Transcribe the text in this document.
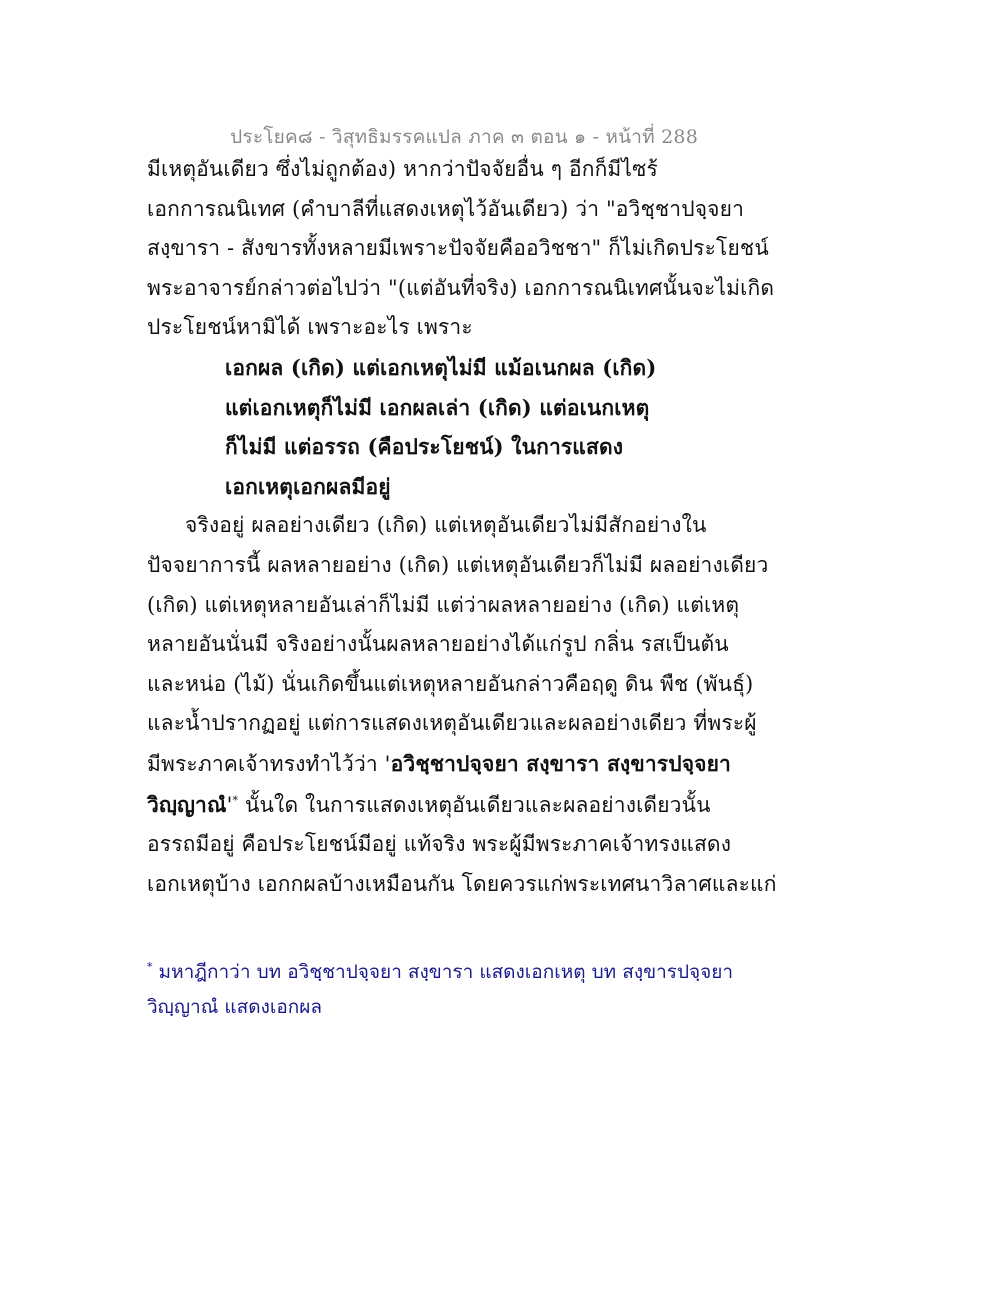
ประโยค๘ - วิสุทธิมรรคแปล ภาค ๓ ตอน ๑ - หน้าที่ 288
มีเหตุอันเดียว ซึ่งไม่ถูกต้อง) หากว่าปัจจัยอื่น ๆ อีกก็มีไซร้
เอกการณนิเทศ (คำบาลีที่แสดงเหตุไว้อันเดียว) ว่า "อวิชฺชาปจฺจยา
สงฺขารา - สังขารทั้งหลายมีเพราะปัจจัยคืออวิชชา" ก็ไม่เกิดประโยชน์
พระอาจารย์กล่าวต่อไปว่า "(แต่อันที่จริง) เอกการณนิเทศนั้นจะไม่เกิด
ประโยชน์หามิได้ เพราะอะไร เพราะ
เอกผล (เกิด) แต่เอกเหตุไม่มี แม้อเนกผล (เกิด)
แต่เอกเหตุก็ไม่มี เอกผลเล่า (เกิด) แต่อเนกเหตุ
ก็ไม่มี แต่อรรถ (คือประโยชน์) ในการแสดง
เอกเหตุเอกผลมีอยู่
จริงอยู่ ผลอย่างเดียว (เกิด) แต่เหตุอันเดียวไม่มีสักอย่างใน
ปัจจยาการนี้ ผลหลายอย่าง (เกิด) แต่เหตุอันเดียวก็ไม่มี ผลอย่างเดียว
(เกิด) แต่เหตุหลายอันเล่าก็ไม่มี แต่ว่าผลหลายอย่าง (เกิด) แต่เหตุ
หลายอันนั่นมี จริงอย่างนั้นผลหลายอย่างได้แก่รูป กลิ่น รสเป็นต้น
และหน่อ (ไม้) นั่นเกิดขึ้นแต่เหตุหลายอันกล่าวคือฤดู ดิน พืช (พันธุ์)
และน้ำปรากฏอยู่ แต่การแสดงเหตุอันเดียวและผลอย่างเดียว ที่พระผู้
มีพระภาคเจ้าทรงทำไว้ว่า 'อวิชฺชาปจฺจยา สงฺขารา สงฺขารปจฺจยา
วิญฺญาณํ'* นั้นใด ในการแสดงเหตุอันเดียวและผลอย่างเดียวนั้น
อรรถมีอยู่ คือประโยชน์มีอยู่ แท้จริง พระผู้มีพระภาคเจ้าทรงแสดง
เอกเหตุบ้าง เอกกผลบ้างเหมือนกัน โดยควรแก่พระเทศนาวิลาศและแก่
* มหาฎีกาว่า บท อวิชฺชาปจฺจยา สงฺขารา แสดงเอกเหตุ บท สงฺขารปจฺจยา
วิญฺญาณํ แสดงเอกผล
